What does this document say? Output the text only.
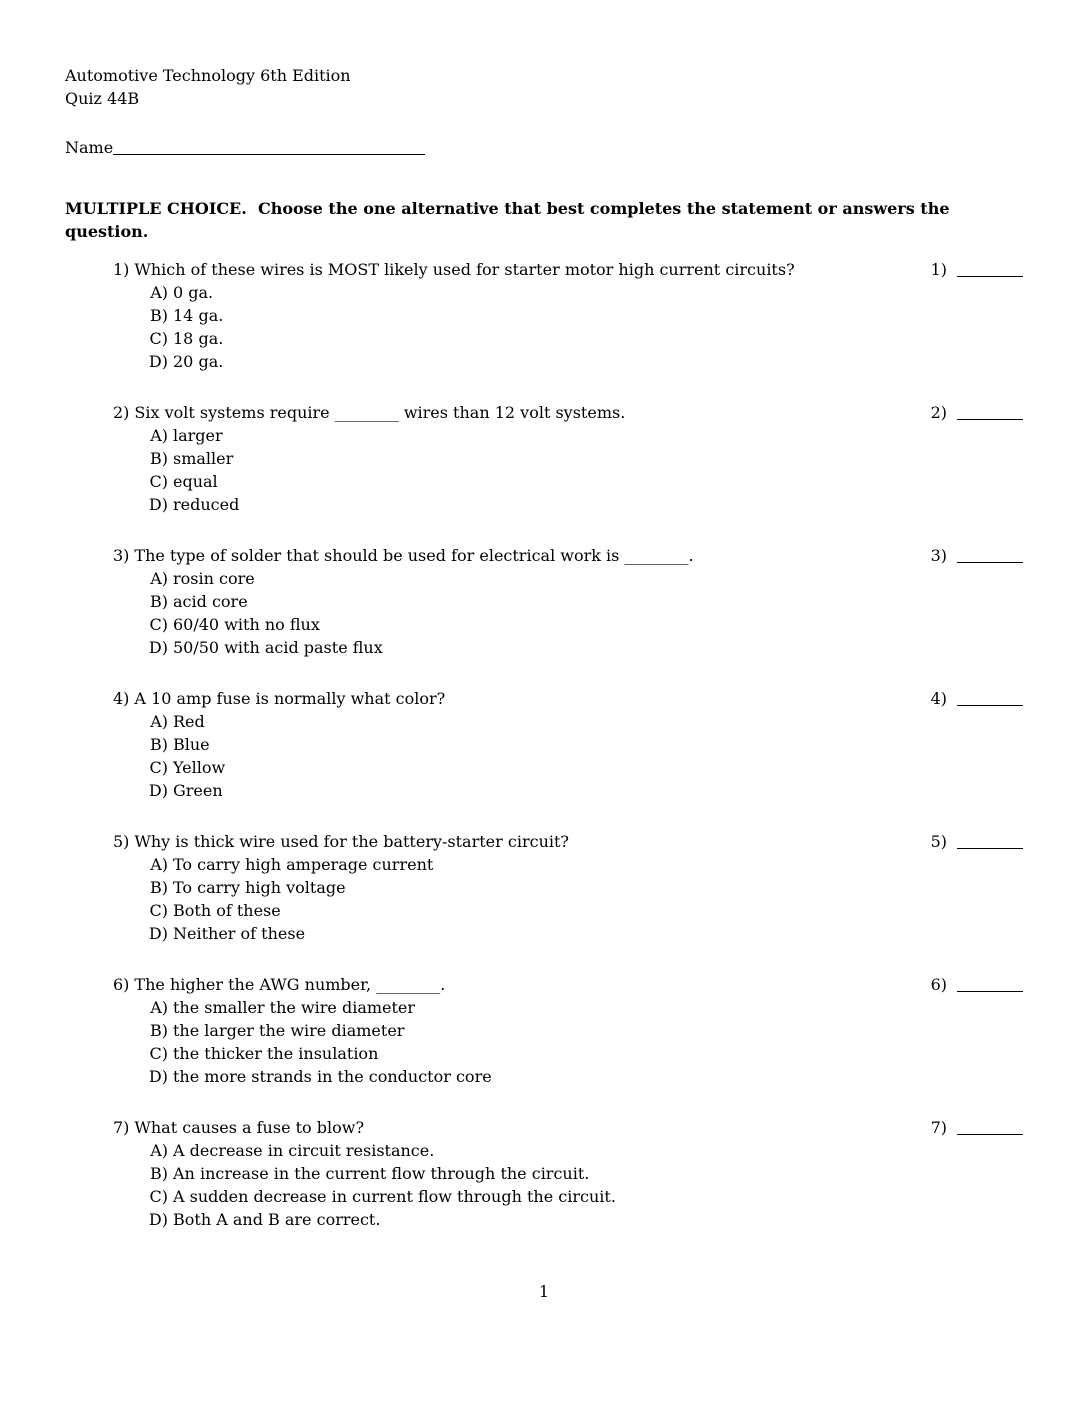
Automotive Technology 6th Edition
Quiz 44B
Name
MULTIPLE CHOICE.  Choose the one alternative that best completes the statement or answers the question.
1) Which of these wires is MOST likely used for starter motor high current circuits?	1)
A) 0 ga.
B) 14 ga.
C) 18 ga.
D) 20 ga.
2) Six volt systems require ________ wires than 12 volt systems.	2)
A) larger
B) smaller
C) equal
D) reduced
3) The type of solder that should be used for electrical work is ________.	3)
A) rosin core
B) acid core
C) 60/40 with no flux
D) 50/50 with acid paste flux
4) A 10 amp fuse is normally what color?	4)
A) Red
B) Blue
C) Yellow
D) Green
5) Why is thick wire used for the battery-starter circuit?	5)
A) To carry high amperage current
B) To carry high voltage
C) Both of these
D) Neither of these
6) The higher the AWG number, ________.	6)
A) the smaller the wire diameter
B) the larger the wire diameter
C) the thicker the insulation
D) the more strands in the conductor core
7) What causes a fuse to blow?	7)
A) A decrease in circuit resistance.
B) An increase in the current flow through the circuit.
C) A sudden decrease in current flow through the circuit.
D) Both A and B are correct.
1
